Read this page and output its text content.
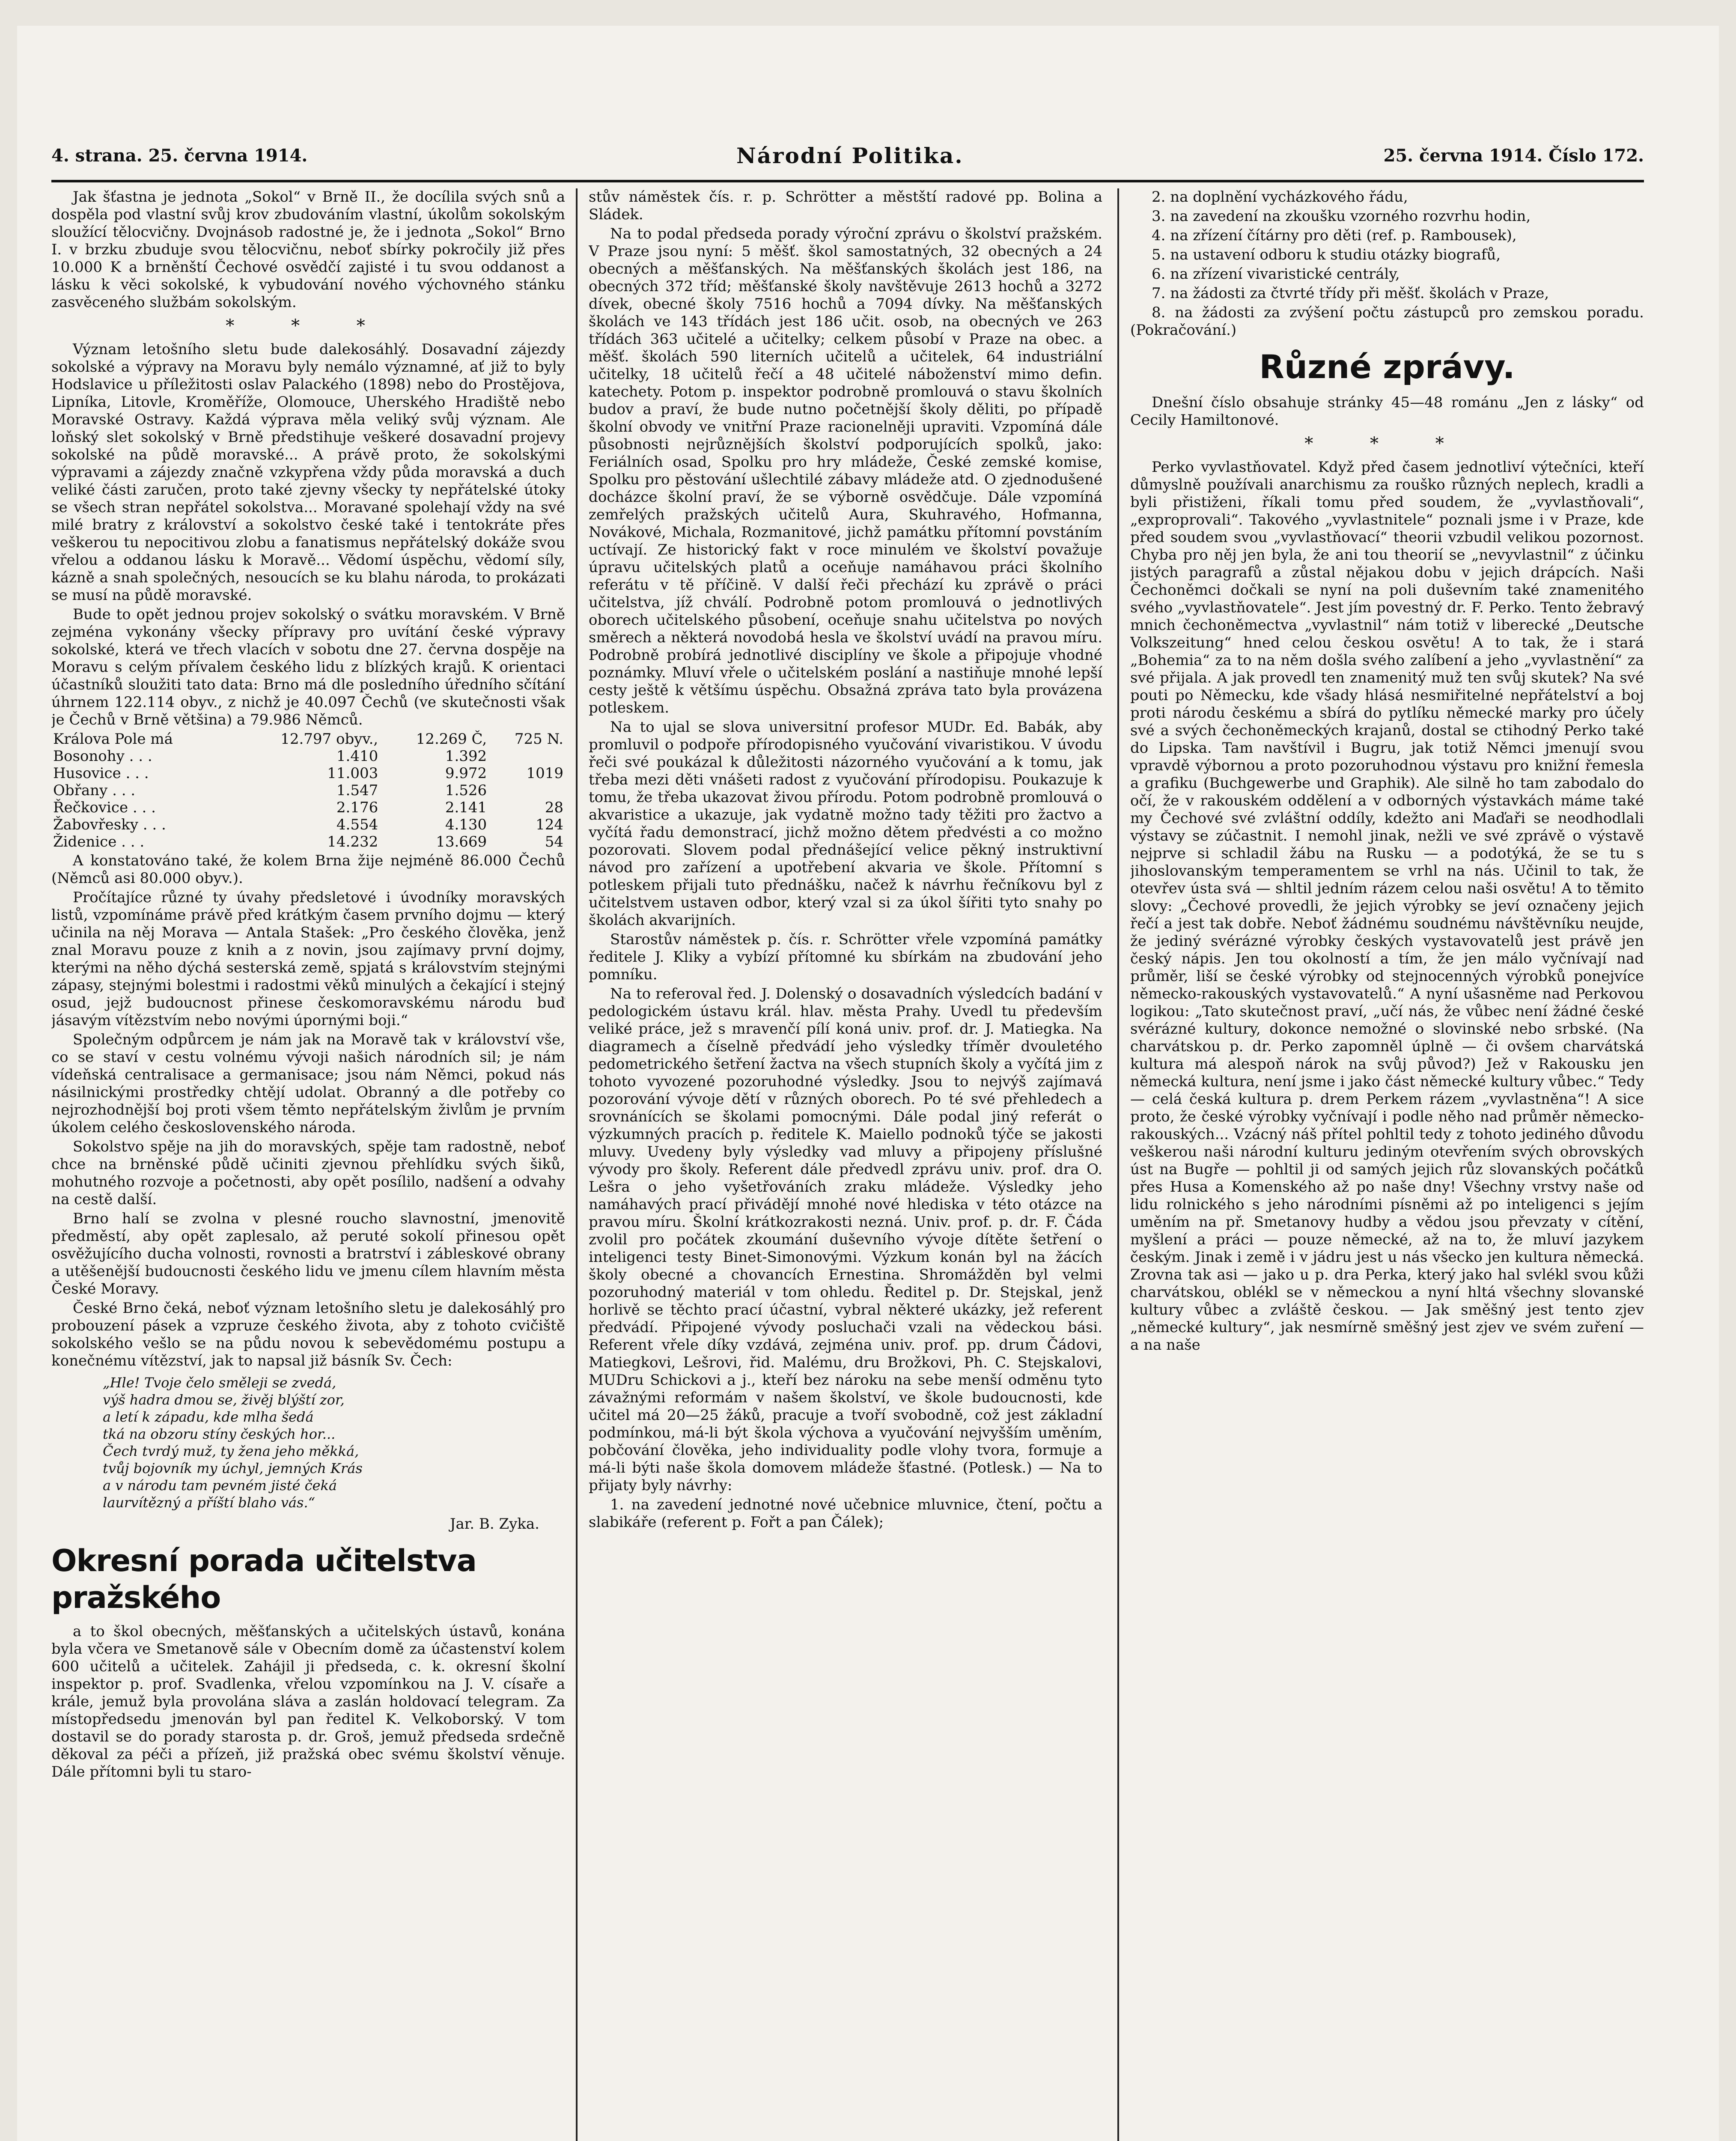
4. strana. 25. června 1914.	Národní Politika.	25. června 1914. Číslo 172.

Jak šťastna je jednota „Sokol“ v Brně II., že docílila svých snů a dospěla pod vlastní svůj krov zbudováním vlastní, úkolům sokolským sloužící tělocvičny. Dvojnásob radostné je, že i jednota „Sokol“ Brno I. v brzku zbuduje svou tělocvičnu, neboť sbírky pokročily již přes 10.000 K a brněnští Čechové osvědčí zajisté i tu svou oddanost a lásku k věci sokolské, k vybudování nového výchovného stánku zasvěceného službám sokolským.

* * *

Význam letošního sletu bude dalekosáhlý. Dosavadní zájezdy sokolské a výpravy na Moravu byly nemálo významné, ať již to byly Hodslavice u příležitosti oslav Palackého (1898) nebo do Prostějova, Lipníka, Litovle, Kroměříže, Olomouce, Uherského Hradiště nebo Moravské Ostravy. Každá výprava měla veliký svůj význam. Ale loňský slet sokolský v Brně předstihuje veškeré dosavadní projevy sokolské na půdě moravské... A právě proto, že sokolskými výpravami a zájezdy značně vzkypřena vždy půda moravská a duch veliké části zaručen, proto také zjevny všecky ty nepřátelské útoky se všech stran nepřátel sokolstva... Moravané spolehají vždy na své milé bratry z království a sokolstvo české také i tentokráte přes veškerou tu nepocitivou zlobu a fanatismus nepřátelský dokáže svou vřelou a oddanou lásku k Moravě... Vědomí úspěchu, vědomí síly, kázně a snah společných, nesoucích se ku blahu národa, to prokázati se musí na půdě moravské.

Bude to opět jednou projev sokolský o svátku moravském. V Brně zejména vykonány všecky přípravy pro uvítání české výpravy sokolské, která ve třech vlacích v sobotu dne 27. června dospěje na Moravu s celým přívalem českého lidu z blízkých krajů. K orientaci účastníků sloužiti tato data: Brno má dle posledního úředního sčítání úhrnem 122.114 obyv., z nichž je 40.097 Čechů (ve skutečnosti však je Čechů v Brně většina) a 79.986 Němců.

Králova Pole má	12.797 obyv.,	12.269 Č,	725 N.
Bosonohy . . .	1.410	1.392	
Husovice . . .	11.003	9.972	1019
Obřany . . .	1.547	1.526	
Řečkovice . . .	2.176	2.141	28
Žabovřesky . . .	4.554	4.130	124
Židenice . . .	14.232	13.669	54

A konstatováno také, že kolem Brna žije nejméně 86.000 Čechů (Němců asi 80.000 obyv.).

Pročítajíce různé ty úvahy předsletové i úvodníky moravských listů, vzpomínáme právě před krátkým časem prvního dojmu — který učinila na něj Morava — Antala Stašek: „Pro českého člověka, jenž znal Moravu pouze z knih a z novin, jsou zajímavy první dojmy, kterými na něho dýchá sesterská země, spjatá s královstvím stejnými zápasy, stejnými bolestmi i radostmi věků minulých a čekající i stejný osud, jejž budoucnost přinese českomoravskému národu buď jásavým vítězstvím nebo novými úpornými boji.“

Společným odpůrcem je nám jak na Moravě tak v království vše, co se staví v cestu volnému vývoji našich národních sil; je nám vídeňská centralisace a germanisace; jsou nám Němci, pokud nás násilnickými prostředky chtějí udolat. Obranný a dle potřeby co nejrozhodnější boj proti všem těmto nepřátelským živlům je prvním úkolem celého československého národa.

Sokolstvo spěje na jih do moravských, spěje tam radostně, neboť chce na brněnské půdě učiniti zjevnou přehlídku svých šiků, mohutného rozvoje a početnosti, aby opět posílilo, nadšení a odvahy na cestě další.

Brno halí se zvolna v plesné roucho slavnostní, jmenovitě předměstí, aby opět zaplesalo, až peruté sokolí přinesou opět osvěžujícího ducha volnosti, rovnosti a bratrství i zábleskové obrany a utěšenější budoucnosti českého lidu ve jmenu cílem hlavním města České Moravy.

České Brno čeká, neboť význam letošního sletu je dalekosáhlý pro probouzení pásek a vzpruze českého života, aby z tohoto cvičiště sokolského vešlo se na půdu novou k sebevědomému postupu a konečnému vítězství, jak to napsal již básník Sv. Čech:

„Hle! Tvoje čelo směleji se zvedá,
výš hadra dmou se, živěj blýští zor,
a letí k západu, kde mlha šedá
tká na obzoru stíny českých hor...
Čech tvrdý muž, ty žena jeho měkká,
tvůj bojovník my úchyl, jemných Krás
a v národu tam pevném jisté čeká
laurvítězný a příští blaho vás.“
Jar. B. Zyka.
Okresní porada učitelstva pražského

a to škol obecných, měšťanských a učitelských ústavů, konána byla včera ve Smetanově sále v Obecním domě za účastenství kolem 600 učitelů a učitelek. Zahájil ji předseda, c. k. okresní školní inspektor p. prof. Svadlenka, vřelou vzpomínkou na J. V. císaře a krále, jemuž byla provolána sláva a zaslán holdovací telegram. Za místopředsedu jmenován byl pan ředitel K. Velkoborský. V tom dostavil se do porady starosta p. dr. Groš, jemuž předseda srdečně děkoval za péči a přízeň, již pražská obec svému školství věnuje. Dále přítomni byli tu staro-

stův náměstek čís. r. p. Schrötter a městští radové pp. Bolina a Sládek.

Na to podal předseda porady výroční zprávu o školství pražském. V Praze jsou nyní: 5 měšť. škol samostatných, 32 obecných a 24 obecných a měšťanských. Na měšťanských školách jest 186, na obecných 372 tříd; měšťanské školy navštěvuje 2613 hochů a 3272 dívek, obecné školy 7516 hochů a 7094 dívky. Na měšťanských školách ve 143 třídách jest 186 učit. osob, na obecných ve 263 třídách 363 učitelé a učitelky; celkem působí v Praze na obec. a měšť. školách 590 literních učitelů a učitelek, 64 industriální učitelky, 18 učitelů řečí a 48 učitelé náboženství mimo defin. katechety. Potom p. inspektor podrobně promlouvá o stavu školních budov a praví, že bude nutno početnější školy děliti, po případě školní obvody ve vnitřní Praze racionelněji upraviti. Vzpomíná dále působnosti nejrůznějších školství podporujících spolků, jako: Feriálních osad, Spolku pro hry mládeže, České zemské komise, Spolku pro pěstování ušlechtilé zábavy mládeže atd. O zjednodušené docházce školní praví, že se výborně osvědčuje. Dále vzpomíná zemřelých pražských učitelů Aura, Skuhravého, Hofmanna, Novákové, Michala, Rozmanitové, jichž památku přítomní povstáním uctívají. Ze historický fakt v roce minulém ve školství považuje úpravu učitelských platů a oceňuje namáhavou práci školního referátu v tě příčině. V další řeči přechází ku zprávě o práci učitelstva, jíž chválí. Podrobně potom promlouvá o jednotlivých oborech učitelského působení, oceňuje snahu učitelstva po nových směrech a některá novodobá hesla ve školství uvádí na pravou míru. Podrobně probírá jednotlivé disciplíny ve škole a připojuje vhodné poznámky. Mluví vřele o učitelském poslání a nastiňuje mnohé lepší cesty ještě k většímu úspěchu. Obsažná zpráva tato byla provázena potleskem.

Na to ujal se slova universitní profesor MUDr. Ed. Babák, aby promluvil o podpoře přírodopisného vyučování vivaristikou. V úvodu řeči své poukázal k důležitosti názorného vyučování a k tomu, jak třeba mezi děti vnášeti radost z vyučování přírodopisu. Poukazuje k tomu, že třeba ukazovat živou přírodu. Potom podrobně promlouvá o akvaristice a ukazuje, jak vydatně možno tady těžiti pro žactvo a vyčítá řadu demonstrací, jichž možno dětem předvésti a co možno pozorovati. Slovem podal přednášející velice pěkný instruktivní návod pro zařízení a upotřebení akvaria ve škole. Přítomní s potleskem přijali tuto přednášku, načež k návrhu řečníkovu byl z učitelstvem ustaven odbor, který vzal si za úkol šířiti tyto snahy po školách akvarijních.

Starostův náměstek p. čís. r. Schrötter vřele vzpomíná památky ředitele J. Kliky a vybízí přítomné ku sbírkám na zbudování jeho pomníku.

Na to referoval řed. J. Dolenský o dosavadních výsledcích badání v pedologickém ústavu král. hlav. města Prahy. Uvedl tu především veliké práce, jež s mravenčí pílí koná univ. prof. dr. J. Matiegka. Na diagramech a číselně předvádí jeho výsledky tříměr dvouletého pedometrického šetření žactva na všech stupních školy a vyčítá jim z tohoto vyvozené pozoruhodné výsledky. Jsou to nejvýš zajímavá pozorování vývoje dětí v různých oborech. Po té své přehledech a srovnánících se školami pomocnými. Dále podal jiný referát o výzkumných pracích p. ředitele K. Maiello podnoků týče se jakosti mluvy. Uvedeny byly výsledky vad mluvy a připojeny příslušné vývody pro školy. Referent dále předvedl zprávu univ. prof. dra O. Lešra o jeho vyšetřováních zraku mládeže. Výsledky jeho namáhavých prací přivádějí mnohé nové hlediska v této otázce na pravou míru. Školní krátkozrakosti nezná. Univ. prof. p. dr. F. Čáda zvolil pro počátek zkoumání duševního vývoje dítěte šetření o inteligenci testy Binet-Simonovými. Výzkum konán byl na žácích školy obecné a chovancích Ernestina. Shromážděn byl velmi pozoruhodný materiál v tom ohledu. Ředitel p. Dr. Stejskal, jenž horlivě se těchto prací účastní, vybral některé ukázky, jež referent předvádí. Připojené vývody posluchači vzali na vědeckou bási. Referent vřele díky vzdává, zejména univ. prof. pp. drum Čádovi, Matiegkovi, Lešrovi, řid. Malému, dru Brožkovi, Ph. C. Stejskalovi, MUDru Schickovi a j., kteří bez nároku na sebe menší odměnu tyto závažnými reformám v našem školství, ve škole budoucnosti, kde učitel má 20—25 žáků, pracuje a tvoří svobodně, což jest základní podmínkou, má-li být škola výchova a vyučování nejvyšším uměním, pobčování člověka, jeho individuality podle vlohy tvora, formuje a má-li býti naše škola domovem mládeže šťastné. (Potlesk.) — Na to přijaty byly návrhy:

1. na zavedení jednotné nové učebnice mluvnice, čtení, počtu a slabikáře (referent p. Fořt a pan Čálek);

2. na doplnění vycházkového řádu,
3. na zavedení na zkoušku vzorného rozvrhu hodin,
4. na zřízení čítárny pro děti (ref. p. Rambousek),
5. na ustavení odboru k studiu otázky biografů,
6. na zřízení vivaristické centrály,
7. na žádosti za čtvrté třídy při měšť. školách v Praze,
8. na žádosti za zvýšení počtu zástupců pro zemskou poradu. (Pokračování.)
Různé zprávy.

Dnešní číslo obsahuje stránky 45—48 románu „Jen z lásky“ od Cecily Hamiltonové.

* * *

Perko vyvlastňovatel. Když před časem jednotliví výtečníci, kteří důmyslně používali anarchismu za rouško různých neplech, kradli a byli přistiženi, říkali tomu před soudem, že „vyvlastňovali“, „exproprovali“. Takového „vyvlastnitele“ poznali jsme i v Praze, kde před soudem svou „vyvlastňovací“ theorii vzbudil velikou pozornost. Chyba pro něj jen byla, že ani tou theorií se „nevyvlastnil“ z účinku jistých paragrafů a zůstal nějakou dobu v jejich drápcích. Naši Čechoněmci dočkali se nyní na poli duševním také znamenitého svého „vyvlastňovatele“. Jest jím povestný dr. F. Perko. Tento žebravý mnich čechoněmectva „vyvlastnil“ nám totiž v liberecké „Deutsche Volkszeitung“ hned celou českou osvětu! A to tak, že i stará „Bohemia“ za to na něm došla svého zalíbení a jeho „vyvlastnění“ za své přijala. A jak provedl ten znamenitý muž ten svůj skutek? Na své pouti po Německu, kde všady hlásá nesmiřitelné nepřátelství a boj proti národu českému a sbírá do pytlíku německé marky pro účely své a svých čechoněmeckých krajanů, dostal se ctihodný Perko také do Lipska. Tam navštívil i Bugru, jak totiž Němci jmenují svou vpravdě výbornou a proto pozoruhodnou výstavu pro knižní řemesla a grafiku (Buchgewerbe und Graphik). Ale silně ho tam zabodalo do očí, že v rakouském oddělení a v odborných výstavkách máme také my Čechové své zvláštní oddíly, kdežto ani Maďaři se neodhodlali výstavy se zúčastnit. I nemohl jinak, nežli ve své zprávě o výstavě nejprve si schladil žábu na Rusku — a podotýká, že se tu s jihoslovanským temperamentem se vrhl na nás. Učinil to tak, že otevřev ústa svá — shltil jedním rázem celou naši osvětu! A to těmito slovy: „Čechové provedli, že jejich výrobky se jeví označeny jejich řečí a jest tak dobře. Neboť žádnému soudnému návštěvníku neujde, že jediný svérázné výrobky českých vystavovatelů jest právě jen český nápis. Jen tou okolností a tím, že jen málo vyčnívají nad průměr, liší se české výrobky od stejnocenných výrobků ponejvíce německo-rakouských vystavovatelů.“ A nyní ušasněme nad Perkovou logikou: „Tato skutečnost praví, „učí nás, že vůbec není žádné české svérázné kultury, dokonce nemožné o slovinské nebo srbské. (Na charvátskou p. dr. Perko zapomněl úplně — či ovšem charvátská kultura má alespoň nárok na svůj původ?) Jež v Rakousku jen německá kultura, není jsme i jako část německé kultury vůbec.“ Tedy — celá česká kultura p. drem Perkem rázem „vyvlastněna“! A sice proto, že české výrobky vyčnívají i podle něho nad průměr německo-rakouských... Vzácný náš přítel pohltil tedy z tohoto jediného důvodu veškerou naši národní kulturu jediným otevřením svých obrovských úst na Bugře — pohltil ji od samých jejich růz slovanských počátků přes Husa a Komenského až po naše dny! Všechny vrstvy naše od lidu rolnického s jeho národními písněmi až po inteligenci s jejím uměním na př. Smetanovy hudby a vědou jsou převzaty v cítění, myšlení a práci — pouze německé, až na to, že mluví jazykem českým. Jinak i země i v jádru jest u nás všecko jen kultura německá. Zrovna tak asi — jako u p. dra Perka, který jako hal svlékl svou kůži charvátskou, oblékl se v německou a nyní hltá všechny slovanské kultury vůbec a zvláště českou. — Jak směšný jest tento zjev „německé kultury“, jak nesmírně směšný jest zjev ve svém zuření — a na naše
